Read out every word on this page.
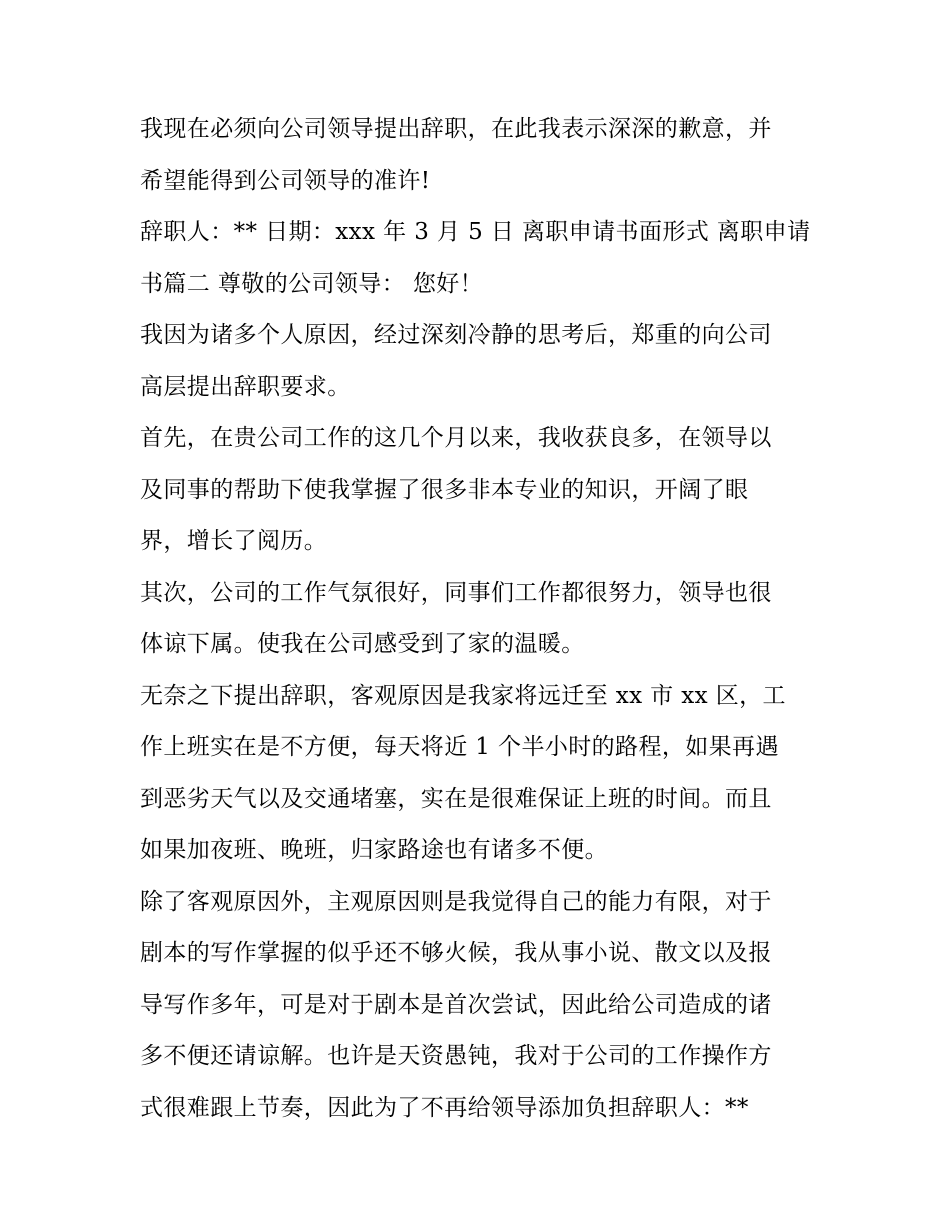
我现在必须向公司领导提出辞职，在此我表示深深的歉意，并
希望能得到公司领导的准许!
辞职人：** 日期：xxx 年 3 月 5 日 离职申请书面形式 离职申请
书篇二 尊敬的公司领导： 您好！
我因为诸多个人原因，经过深刻冷静的思考后，郑重的向公司
高层提出辞职要求。
首先，在贵公司工作的这几个月以来，我收获良多，在领导以
及同事的帮助下使我掌握了很多非本专业的知识，开阔了眼
界，增长了阅历。
其次，公司的工作气氛很好，同事们工作都很努力，领导也很
体谅下属。使我在公司感受到了家的温暖。
无奈之下提出辞职，客观原因是我家将远迁至 xx 市 xx 区，工
作上班实在是不方便，每天将近 1 个半小时的路程，如果再遇
到恶劣天气以及交通堵塞，实在是很难保证上班的时间。而且
如果加夜班、晚班，归家路途也有诸多不便。
除了客观原因外，主观原因则是我觉得自己的能力有限，对于
剧本的写作掌握的似乎还不够火候，我从事小说、散文以及报
导写作多年，可是对于剧本是首次尝试，因此给公司造成的诸
多不便还请谅解。也许是天资愚钝，我对于公司的工作操作方
式很难跟上节奏，因此为了不再给领导添加负担辞职人：**
